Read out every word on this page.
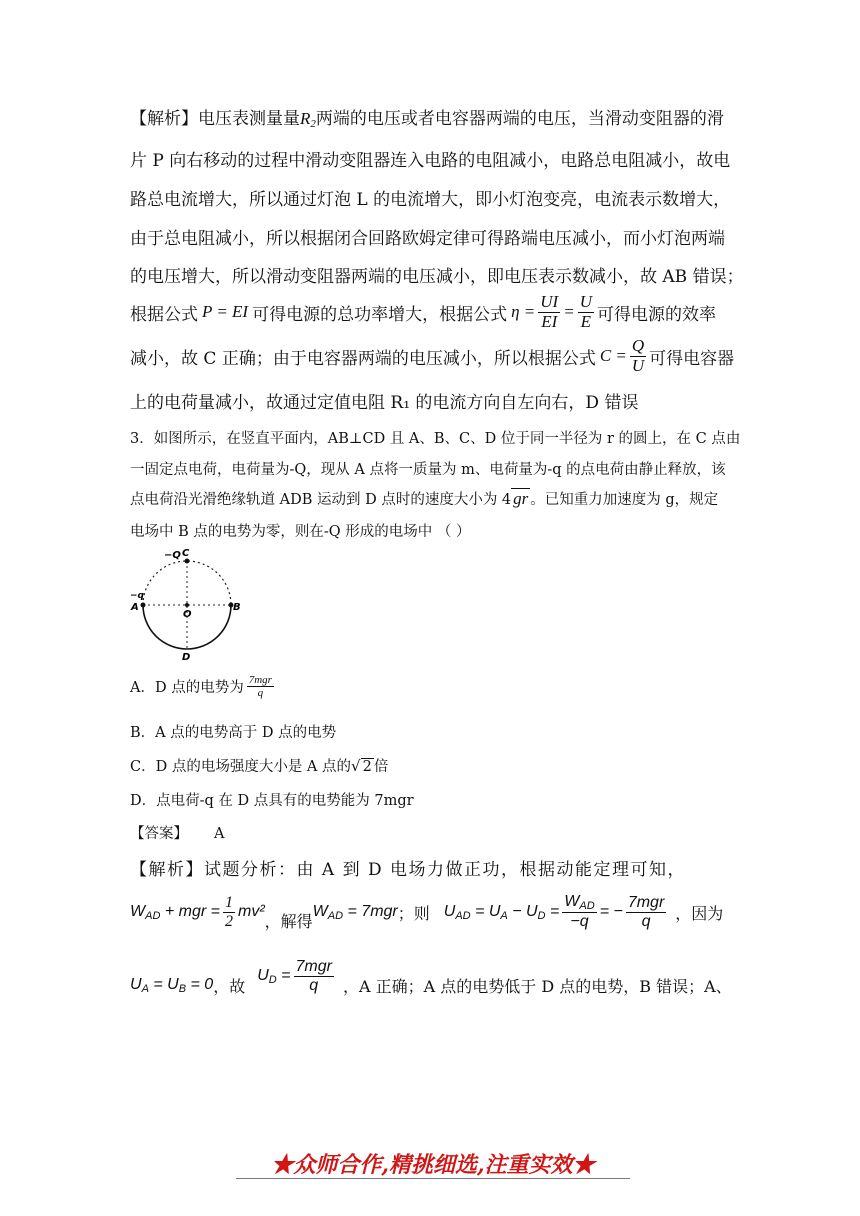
【解析】电压表测量量$R_2$两端的电压或者电容器两端的电压，当滑动变阻器的滑
片 P 向右移动的过程中滑动变阻器连入电路的电阻减小，电路总电阻减小，故电
路总电流增大，所以通过灯泡 L 的电流增大，即小灯泡变亮，电流表示数增大，
由于总电阻减小，所以根据闭合回路欧姆定律可得路端电压减小，而小灯泡两端
的电压增大，所以滑动变阻器两端的电压减小，即电压表示数减小，故 AB 错误；
根据公式 P = EI 可得电源的总功率增大，根据公式 $\eta = \frac{UI}{EI} = \frac{U}{E}$ 可得电源的效率
减小，故 C 正确；由于电容器两端的电压减小，所以根据公式 $C = \frac{Q}{U}$ 可得电容器
上的电荷量减小，故通过定值电阻 R₁ 的电流方向自左向右，D 错误
3．如图所示，在竖直平面内，AB⊥CD 且 A、B、C、D 位于同一半径为 r 的圆上，在 C 点由
一固定点电荷，电荷量为-Q，现从 A 点将一质量为 m、电荷量为-q 的点电荷由静止释放，该
点电荷沿光滑绝缘轨道 ADB 运动到 D 点时的速度大小为 4 gr 。已知重力加速度为 g，规定
电场中 B 点的电势为零，则在-Q 形成的电场中 （ ）
−Q C
−q
A
O
B
D
A．D 点的电势为 $\frac{\text{7mgr}}{q}$
B．A 点的电势高于 D 点的电势
C．D 点的电场强度大小是 A 点的√ 2 倍
D．点电荷-q 在 D 点具有的电势能为 7mgr
【答案】 A
【解析】试题分析：由 A 到 D 电场力做正功，根据动能定理可知，
$W_{AD}$ + mgr = $\frac{1}{2} mv^2$ ，解得
$W_{AD} = 7mgr$ ；则 $U_{AD} = U_A - U_D = \frac{W_{AD}}{-q}$ = − $\frac{\text{7mgr}}{q}$ ，因为
$U_A = U_B = 0$ ，故
$U_D = \frac{\text{7mgr}}{q}$ ，A 正确；A 点的电势低于 D 点的电势，B 错误；A、
★众师合作,精挑细选,注重实效★
